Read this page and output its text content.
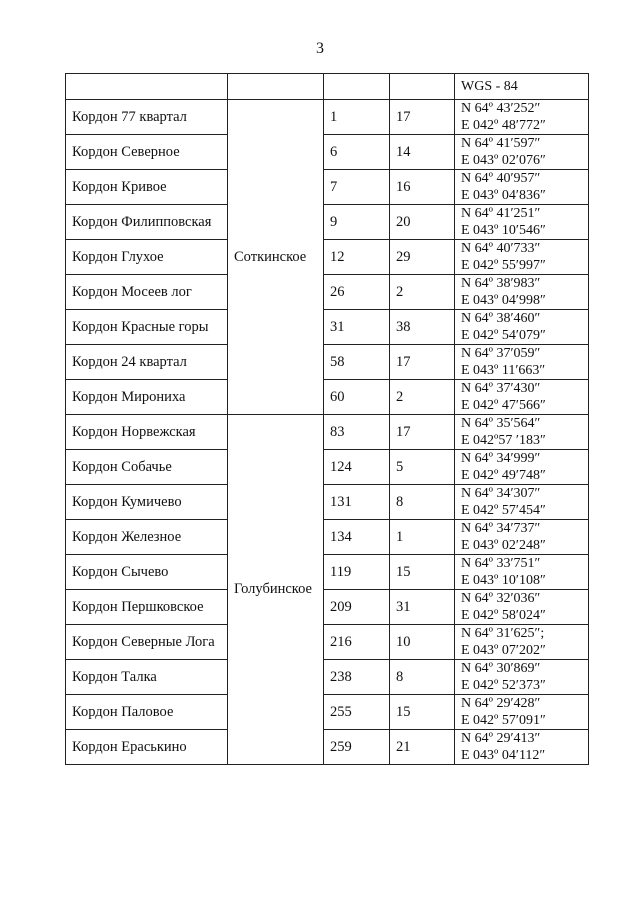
3
				WGS - 84
Кордон 77 квартал	Соткинское	1	17	N 64º 43′252″
E 042º 48′772″

Кордон Северное		6	14	N 64º 41′597″
E 043º 02′076″

Кордон Кривое		7	16	N 64º 40′957″
E 043º 04′836″

Кордон Филипповская		9	20	N 64º 41′251″
E 043º 10′546″

Кордон Глухое		12	29	N 64º 40′733″
E 042º 55′997″

Кордон Мосеев лог		26	2	N 64º 38′983″
E 043º 04′998″

Кордон Красные горы		31	38	N 64º 38′460″
E 042º 54′079″

Кордон 24 квартал		58	17	N 64º 37′059″
E 043º 11′663″

Кордон Мирониха		60	2	N 64º 37′430″
E 042º 47′566″

Кордон Норвежская	Голубинское	83	17	N 64º 35′564″
E 042º57 ′183″

Кордон Собачье		124	5	N 64º 34′999″
E 042º 49′748″

Кордон Кумичево		131	8	N 64º 34′307″
E 042º 57′454″

Кордон Железное		134	1	N 64º 34′737″
E 043º 02′248″

Кордон Сычево		119	15	N 64º 33′751″
E 043º 10′108″

Кордон Першковское		209	31	N 64º 32′036″
E 042º 58′024″

Кордон Северные Лога		216	10	N 64º 31′625″;
E 043º 07′202″

Кордон Талка		238	8	N 64º 30′869″
E 042º 52′373″

Кордон Паловое		255	15	N 64º 29′428″
E 042º 57′091″

Кордон Ераськино		259	21	N 64º 29′413″
E 043º 04′112″
